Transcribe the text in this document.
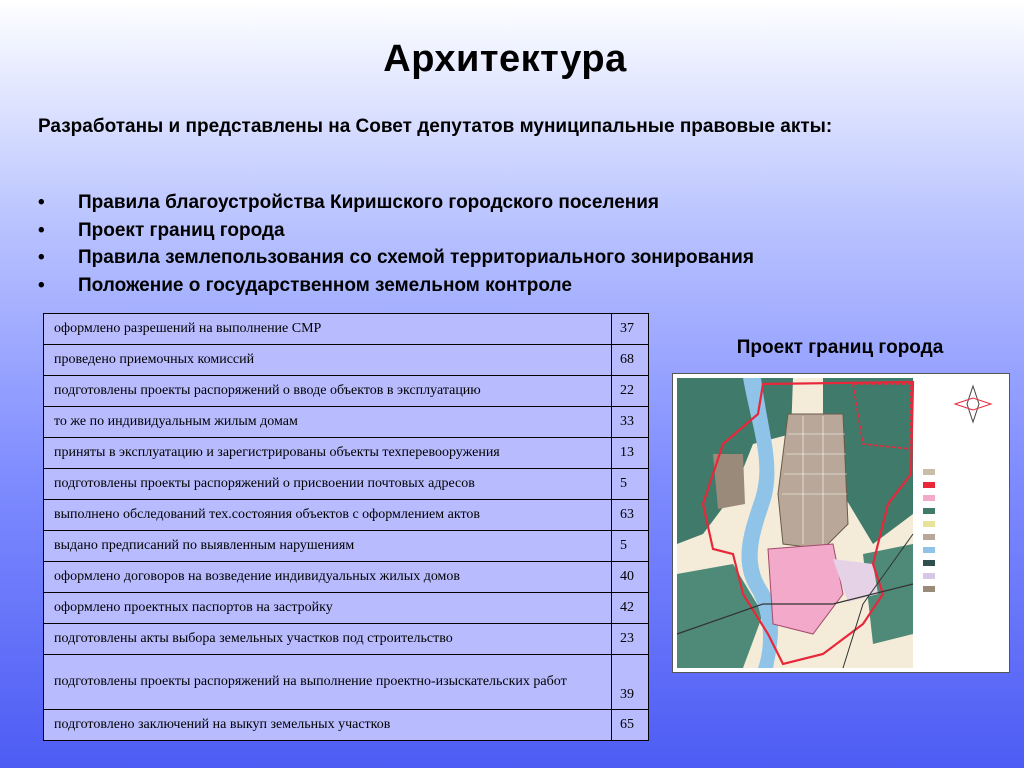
Архитектура
Разработаны и представлены на Совет депутатов муниципальные правовые акты:
• Правила благоустройства Киришского городского поселения
• Проект границ города
• Правила землепользования со схемой территориального зонирования
• Положение о государственном земельном контроле
оформлено разрешений на выполнение СМР	37
проведено приемочных комиссий	68
подготовлены проекты распоряжений о вводе объектов в эксплуатацию	22
то же по индивидуальным жилым домам	33
приняты в эксплуатацию и зарегистрированы объекты техперевооружения	13
подготовлены проекты распоряжений о присвоении почтовых адресов	5
выполнено обследований тех.состояния объектов с оформлением актов	63
выдано предписаний по выявленным нарушениям	5
оформлено договоров на возведение индивидуальных жилых домов	40
оформлено проектных паспортов на застройку	42
подготовлены акты выбора земельных участков под строительство	23
подготовлены проекты распоряжений на выполнение проектно-изыскательских работ	39
подготовлено заключений на выкуп земельных участков	65
Проект границ города
